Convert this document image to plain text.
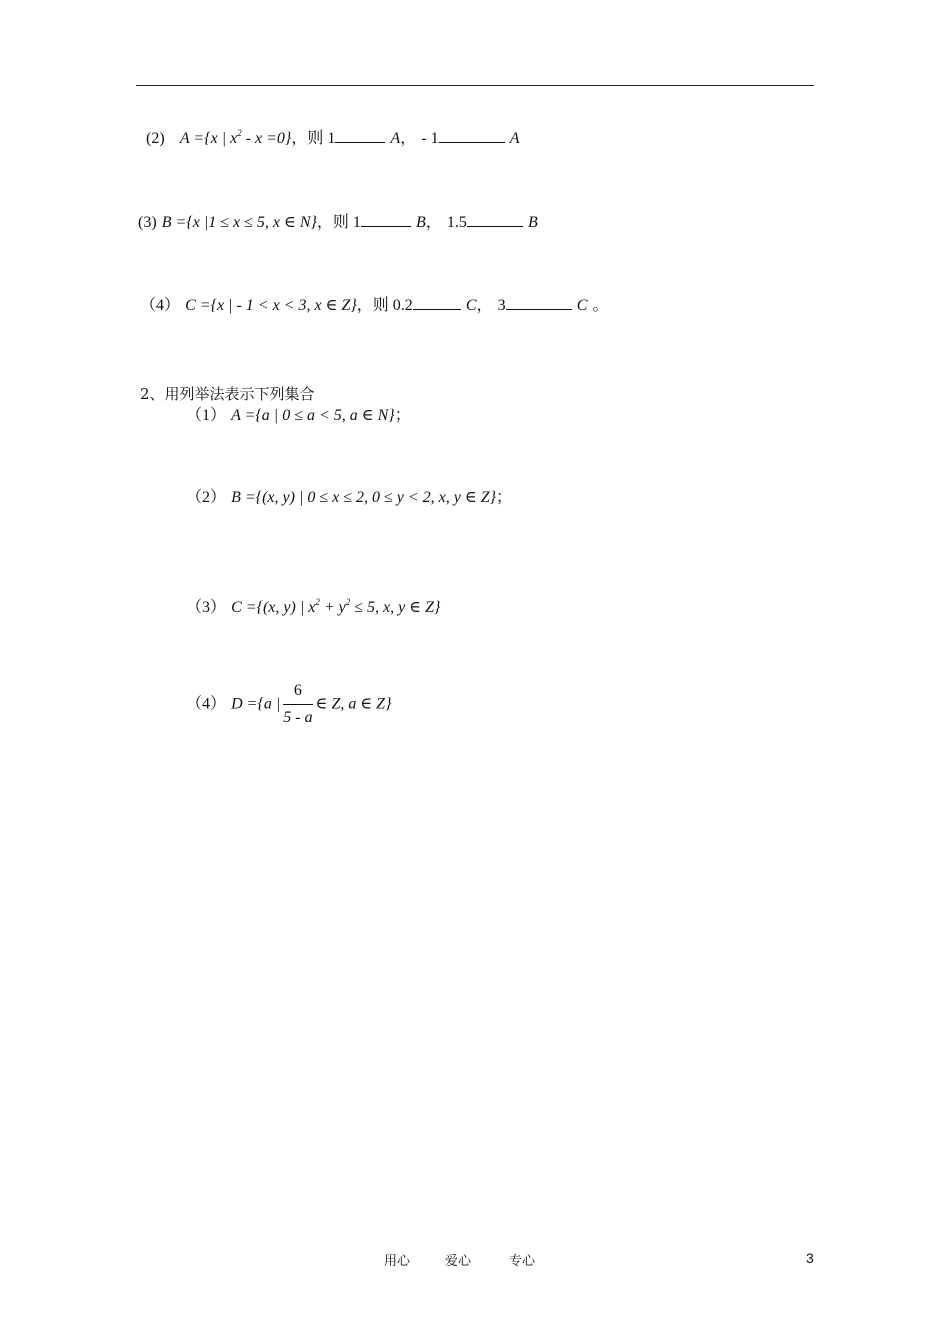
(2) A ={x | $x^2 - x =0$}，则 1	A， - 1	A
(3) B ={x |1 ≤ x ≤ 5, x ∈ N}，则 1	B， 1.5	B
（4） C ={x | - 1 < x < 3, x ∈ Z}，则 0.2	C， 3	C 。
2、用列举法表示下列集合
（1） A ={a | 0 ≤ a < 5, a ∈ N}；
（2） B ={(x, y) | 0 ≤ x ≤ 2, 0 ≤ y < 2, x, y ∈ Z}；
（3） C ={(x, y) | $x^2 + y^2 \le 5$, x, y ∈ Z}
（4） D ={a | $\frac{6}{5 - a}$ ∈ Z, a ∈ Z}
用心	爱心	专心	3
